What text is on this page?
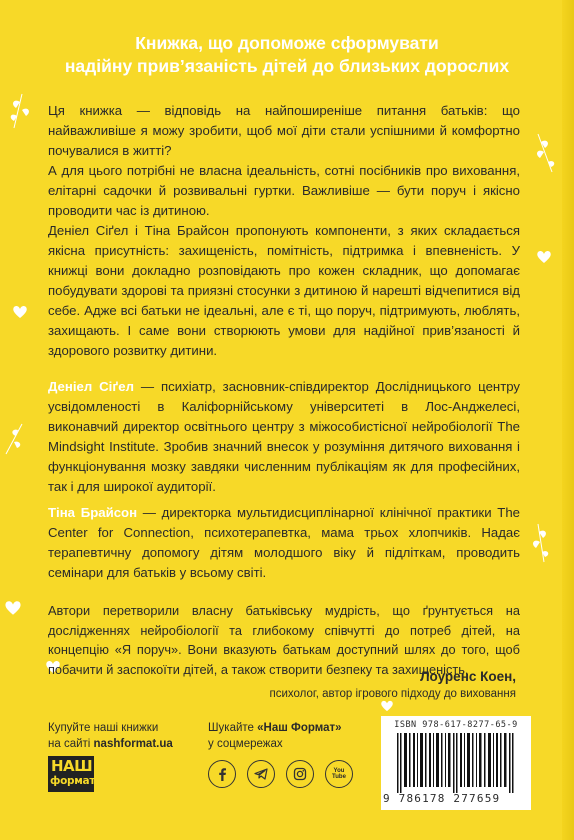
Книжка, що допоможе сформувати
надійну прив’язаність дітей до близьких дорослих
Ця книжка — відповідь на найпоширеніше питання батьків: що найважливіше я можу зробити, щоб мої діти стали успішними й комфортно почувалися в житті?
А для цього потрібні не власна ідеальність, сотні посібників про виховання, елітарні садочки й розвивальні гуртки. Важливіше — бути поруч і якісно проводити час із дитиною.
Деніел Сіґел і Тіна Брайсон пропонують компоненти, з яких складається якісна присутність: захищеність, помітність, підтримка і впевненість. У книжці вони докладно розповідають про кожен складник, що допомагає побудувати здорові та приязні стосунки з дитиною й нарешті відчепитися від себе. Адже всі батьки не ідеальні, але є ті, що поруч, підтримують, люблять, захищають. І саме вони створюють умови для надійної прив’язаності й здорового розвитку дитини.
Деніел Сіґел — психіатр, засновник-співдиректор Дослідницького центру усвідомленості в Каліфорнійському університеті в Лос-Анджелесі, виконавчий директор освітнього центру з міжособистісної нейробіології The Mindsight Institute. Зробив значний внесок у розуміння дитячого виховання і функціонування мозку завдяки численним публікаціям як для професійних, так і для широкої аудиторії.
Тіна Брайсон — директорка мультидисциплінарної клінічної практики The Center for Connection, психотерапевтка, мама трьох хлопчиків. Надає терапевтичну допомогу дітям молодшого віку й підліткам, проводить семінари для батьків у всьому світі.
Автори перетворили власну батьківську мудрість, що ґрунтується на дослідженнях нейробіології та глибокому співчутті до потреб дітей, на концепцію «Я поруч». Вони вказують батькам доступний шлях до того, щоб побачити й заспокоїти дітей, а також створити безпеку та захищеність.
Лоуренс Коен,
психолог, автор ігрового підходу до виховання
Купуйте наші книжки
на сайті nashformat.ua
НАШ
формат
Шукайте «Наш Формат»
у соцмережах
You Tube
ISBN 978-617-8277-65-9
9 786178 277659
